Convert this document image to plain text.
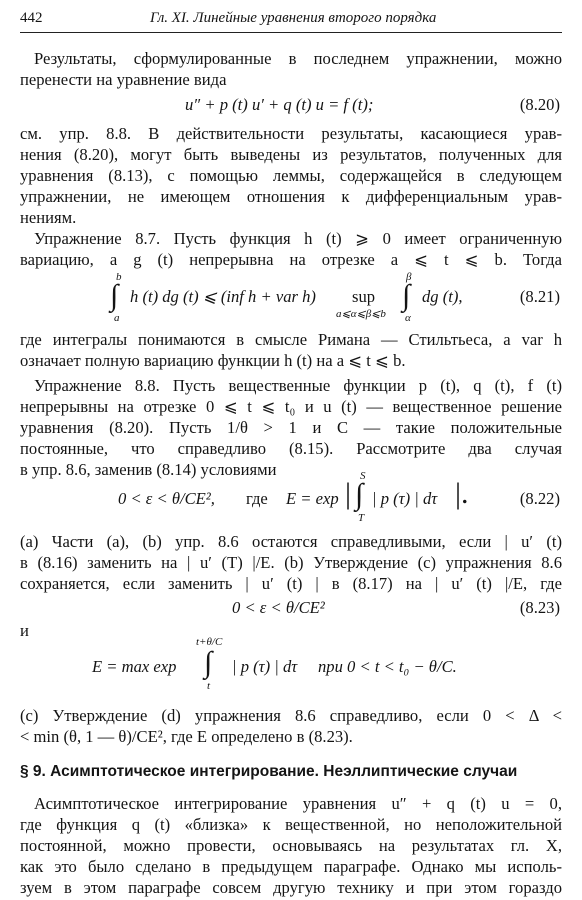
442	Гл. XI. Линейные уравнения второго порядка
Результаты, сформулированные в последнем упражнении, можно
перенести на уравнение вида
u″ + p (t) u′ + q (t) u = f (t);	(8.20)
см. упр. 8.8. В действительности результаты, касающиеся урав-
нения (8.20), могут быть выведены из результатов, полученных для
уравнения (8.13), с помощью леммы, содержащейся в следующем
упражнении, не имеющем отношения к дифференциальным урав-
нениям.
Упражнение 8.7. Пусть функция h (t) ⩾ 0 имеет ограниченную
вариацию, а g (t) непрерывна на отрезке a ⩽ t ⩽ b. Тогда
b
∫
a
h (t) dg (t) ⩽ (inf h + var h) sup
a⩽α⩽β⩽b
β
∫
α
dg (t),	(8.21)
где интегралы понимаются в смысле Римана — Стильтьеса, а var h
означает полную вариацию функции h (t) на a ⩽ t ⩽ b.
Упражнение 8.8. Пусть вещественные функции p (t), q (t), f (t)
непрерывны на отрезке 0 ⩽ t ⩽ t₀ и u (t) — вещественное решение
уравнения (8.20). Пусть 1/θ > 1 и C — такие положительные
постоянные, что справедливо (8.15). Рассмотрите два случая
в упр. 8.6, заменив (8.14) условиями
0 < ε < θ/CE², где E = exp |
S
∫
T
| p (τ) | dτ |.	(8.22)
(a) Части (a), (b) упр. 8.6 остаются справедливыми, если | u′ (t)
в (8.16) заменить на | u′ (T) |/E. (b) Утверждение (c) упражнения 8.6
сохраняется, если заменить | u′ (t) | в (8.17) на | u′ (t) |/E, где
0 < ε < θ/CE²	(8.23)
и
E = max exp
t+θ/C
∫
t
| p (τ) | dτ при 0 < t < t₀ − θ/C.
(c) Утверждение (d) упражнения 8.6 справедливо, если 0 < Δ <
< min (θ, 1 — θ)/CE², где E определено в (8.23).
§ 9. Асимптотическое интегрирование. Неэллиптические случаи
Асимптотическое интегрирование уравнения u″ + q (t) u = 0,
где функция q (t) «близка» к вещественной, но неположительной
постоянной, можно провести, основываясь на результатах гл. X,
как это было сделано в предыдущем параграфе. Однако мы исполь-
зуем в этом параграфе совсем другую технику и при этом гораздо
